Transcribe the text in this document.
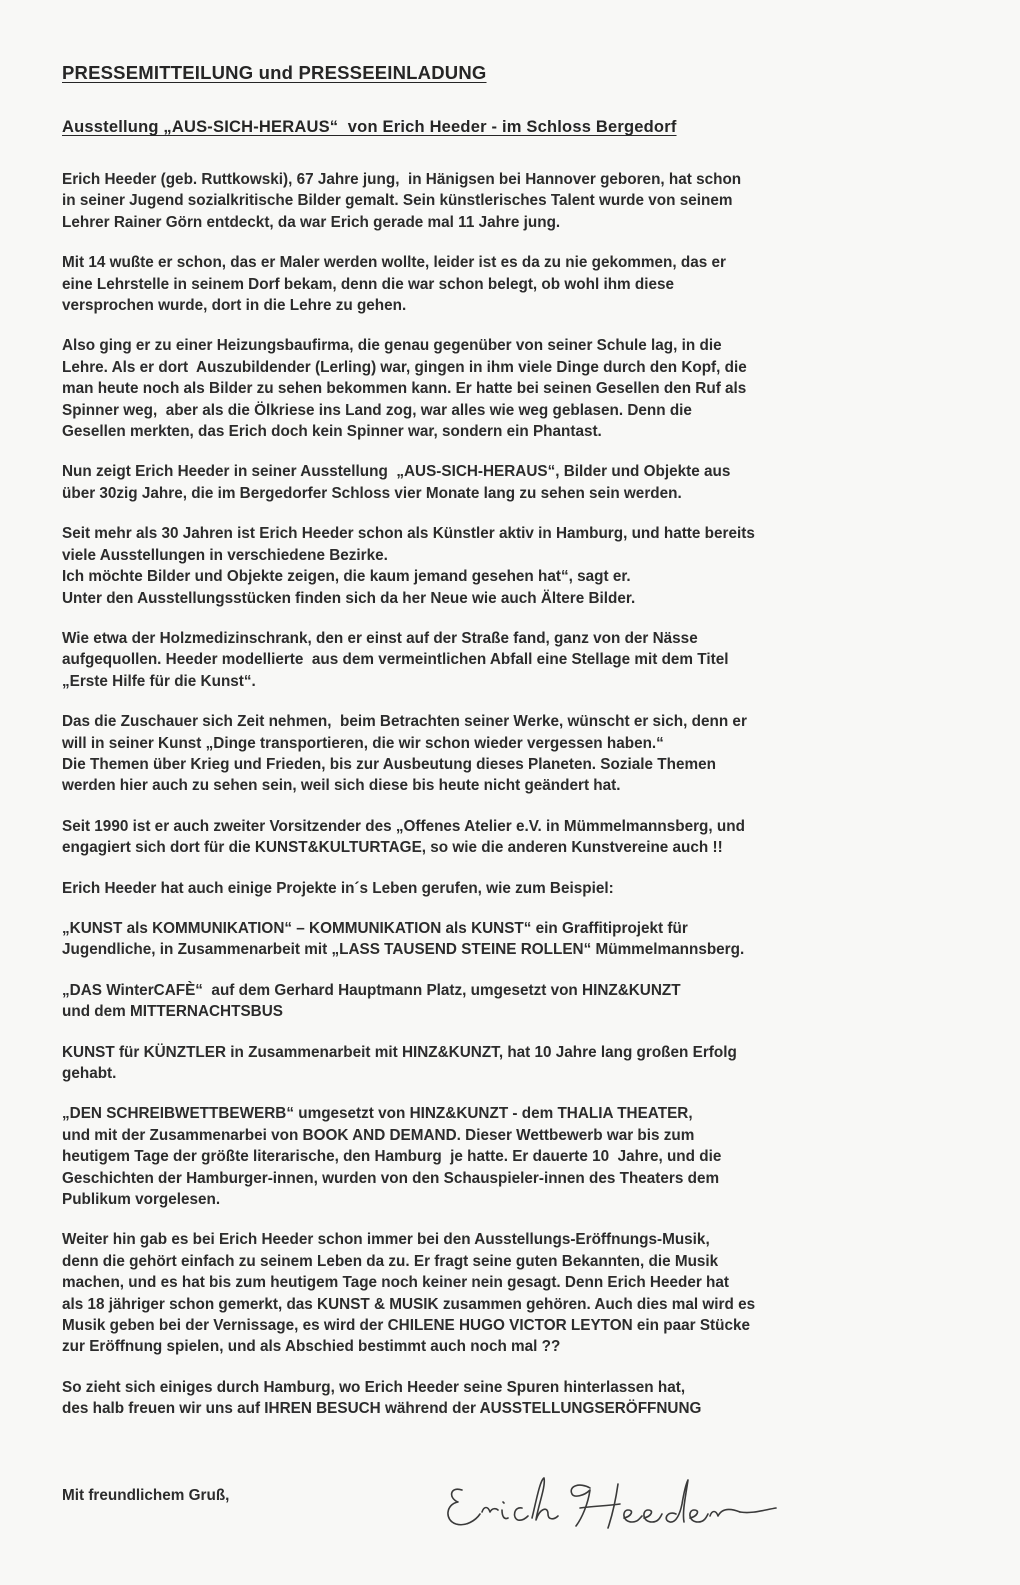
PRESSEMITTEILUNG und PRESSEEINLADUNG
Ausstellung „AUS-SICH-HERAUS“  von Erich Heeder - im Schloss Bergedorf
Erich Heeder (geb. Ruttkowski), 67 Jahre jung,  in Hänigsen bei Hannover geboren, hat schon
in seiner Jugend sozialkritische Bilder gemalt. Sein künstlerisches Talent wurde von seinem
Lehrer Rainer Görn entdeckt, da war Erich gerade mal 11 Jahre jung.
Mit 14 wußte er schon, das er Maler werden wollte, leider ist es da zu nie gekommen, das er
eine Lehrstelle in seinem Dorf bekam, denn die war schon belegt, ob wohl ihm diese
versprochen wurde, dort in die Lehre zu gehen.
Also ging er zu einer Heizungsbaufirma, die genau gegenüber von seiner Schule lag, in die
Lehre. Als er dort  Auszubildender (Lerling) war, gingen in ihm viele Dinge durch den Kopf, die
man heute noch als Bilder zu sehen bekommen kann. Er hatte bei seinen Gesellen den Ruf als
Spinner weg,  aber als die Ölkriese ins Land zog, war alles wie weg geblasen. Denn die
Gesellen merkten, das Erich doch kein Spinner war, sondern ein Phantast.
Nun zeigt Erich Heeder in seiner Ausstellung  „AUS-SICH-HERAUS“, Bilder und Objekte aus
über 30zig Jahre, die im Bergedorfer Schloss vier Monate lang zu sehen sein werden.
Seit mehr als 30 Jahren ist Erich Heeder schon als Künstler aktiv in Hamburg, und hatte bereits
viele Ausstellungen in verschiedene Bezirke.
Ich möchte Bilder und Objekte zeigen, die kaum jemand gesehen hat“, sagt er.
Unter den Ausstellungsstücken finden sich da her Neue wie auch Ältere Bilder.
Wie etwa der Holzmedizinschrank, den er einst auf der Straße fand, ganz von der Nässe
aufgequollen. Heeder modellierte  aus dem vermeintlichen Abfall eine Stellage mit dem Titel
„Erste Hilfe für die Kunst“.
Das die Zuschauer sich Zeit nehmen,  beim Betrachten seiner Werke, wünscht er sich, denn er
will in seiner Kunst „Dinge transportieren, die wir schon wieder vergessen haben.“
Die Themen über Krieg und Frieden, bis zur Ausbeutung dieses Planeten. Soziale Themen
werden hier auch zu sehen sein, weil sich diese bis heute nicht geändert hat.
Seit 1990 ist er auch zweiter Vorsitzender des „Offenes Atelier e.V. in Mümmelmannsberg, und
engagiert sich dort für die KUNST&KULTURTAGE, so wie die anderen Kunstvereine auch !!
Erich Heeder hat auch einige Projekte in´s Leben gerufen, wie zum Beispiel:
„KUNST als KOMMUNIKATION“ – KOMMUNIKATION als KUNST“ ein Graffitiprojekt für
Jugendliche, in Zusammenarbeit mit „LASS TAUSEND STEINE ROLLEN“ Mümmelmannsberg.
„DAS WinterCAFÈ“  auf dem Gerhard Hauptmann Platz, umgesetzt von HINZ&KUNZT
und dem MITTERNACHTSBUS
KUNST für KÜNZTLER in Zusammenarbeit mit HINZ&KUNZT, hat 10 Jahre lang großen Erfolg
gehabt.
„DEN SCHREIBWETTBEWERB“ umgesetzt von HINZ&KUNZT - dem THALIA THEATER,
und mit der Zusammenarbei von BOOK AND DEMAND. Dieser Wettbewerb war bis zum
heutigem Tage der größte literarische, den Hamburg  je hatte. Er dauerte 10  Jahre, und die
Geschichten der Hamburger-innen, wurden von den Schauspieler-innen des Theaters dem
Publikum vorgelesen.
Weiter hin gab es bei Erich Heeder schon immer bei den Ausstellungs-Eröffnungs-Musik,
denn die gehört einfach zu seinem Leben da zu. Er fragt seine guten Bekannten, die Musik
machen, und es hat bis zum heutigem Tage noch keiner nein gesagt. Denn Erich Heeder hat
als 18 jähriger schon gemerkt, das KUNST & MUSIK zusammen gehören. Auch dies mal wird es
Musik geben bei der Vernissage, es wird der CHILENE HUGO VICTOR LEYTON ein paar Stücke
zur Eröffnung spielen, und als Abschied bestimmt auch noch mal ??
So zieht sich einiges durch Hamburg, wo Erich Heeder seine Spuren hinterlassen hat,
des halb freuen wir uns auf IHREN BESUCH während der AUSSTELLUNGSERÖFFNUNG
Mit freundlichem Gruß,
